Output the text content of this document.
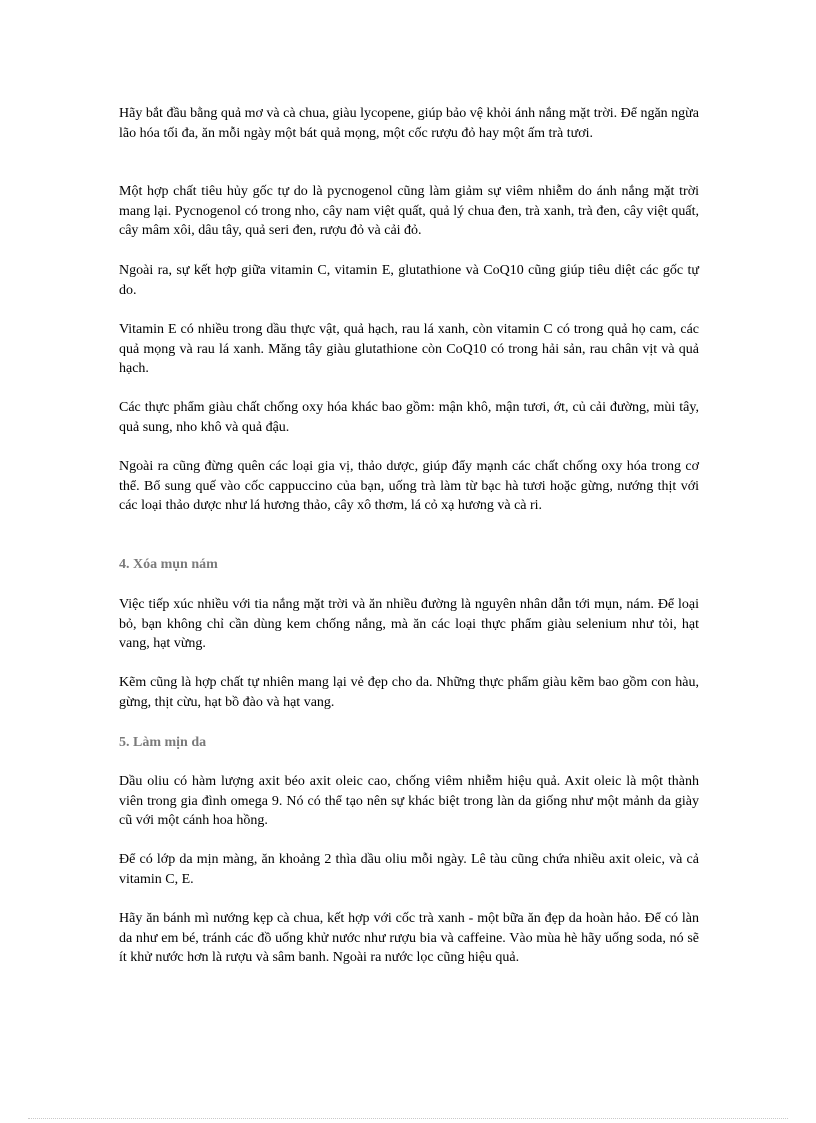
Hãy bắt đầu bằng quả mơ và cà chua, giàu lycopene, giúp bảo vệ khỏi ánh nắng mặt trời. Để ngăn ngừa lão hóa tối đa, ăn mỗi ngày một bát quả mọng, một cốc rượu đỏ hay một ấm trà tươi.

Một hợp chất tiêu hủy gốc tự do là pycnogenol cũng làm giảm sự viêm nhiễm do ánh nắng mặt trời mang lại. Pycnogenol có trong nho, cây nam việt quất, quả lý chua đen, trà xanh, trà đen, cây việt quất, cây mâm xôi, dâu tây, quả seri đen, rượu đỏ và cải đỏ.

Ngoài ra, sự kết hợp giữa vitamin C, vitamin E, glutathione và CoQ10 cũng giúp tiêu diệt các gốc tự do.

Vitamin E có nhiều trong dầu thực vật, quả hạch, rau lá xanh, còn vitamin C có trong quả họ cam, các quả mọng và rau lá xanh. Măng tây giàu glutathione còn CoQ10 có trong hải sản, rau chân vịt và quả hạch.

Các thực phẩm giàu chất chống oxy hóa khác bao gồm: mận khô, mận tươi, ớt, củ cải đường, mùi tây, quả sung, nho khô và quả đậu.

Ngoài ra cũng đừng quên các loại gia vị, thảo dược, giúp đẩy mạnh các chất chống oxy hóa trong cơ thể. Bổ sung quế vào cốc cappuccino của bạn, uống trà làm từ bạc hà tươi hoặc gừng, nướng thịt với các loại thảo dược như lá hương thảo, cây xô thơm, lá cỏ xạ hương và cà ri.

4. Xóa mụn nám

Việc tiếp xúc nhiều với tia nắng mặt trời và ăn nhiều đường là nguyên nhân dẫn tới mụn, nám. Để loại bỏ, bạn không chỉ cần dùng kem chống nắng, mà ăn các loại thực phẩm giàu selenium như tỏi, hạt vang, hạt vừng.

Kẽm cũng là hợp chất tự nhiên mang lại vẻ đẹp cho da. Những thực phẩm giàu kẽm bao gồm con hàu, gừng, thịt cừu, hạt bồ đào và hạt vang.

5. Làm mịn da

Dầu oliu có hàm lượng axit béo axit oleic cao, chống viêm nhiễm hiệu quả. Axit oleic là một thành viên trong gia đình omega 9. Nó có thể tạo nên sự khác biệt trong làn da giống như một mảnh da giày cũ với một cánh hoa hồng.

Để có lớp da mịn màng, ăn khoảng 2 thìa dầu oliu mỗi ngày. Lê tàu cũng chứa nhiều axit oleic, và cả vitamin C, E.

Hãy ăn bánh mì nướng kẹp cà chua, kết hợp với cốc trà xanh - một bữa ăn đẹp da hoàn hảo. Để có làn da như em bé, tránh các đồ uống khử nước như rượu bia và caffeine. Vào mùa hè hãy uống soda, nó sẽ ít khử nước hơn là rượu và sâm banh. Ngoài ra nước lọc cũng hiệu quả.
